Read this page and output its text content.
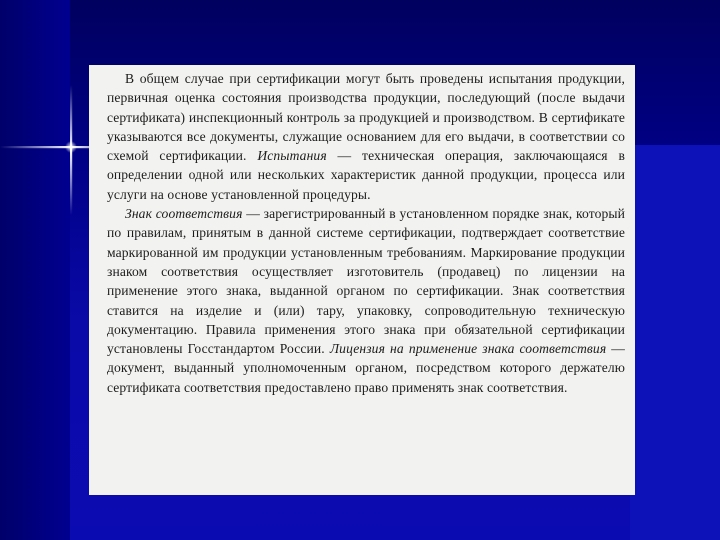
В общем случае при сертификации могут быть проведены испытания продукции, первичная оценка состояния производства продукции, последующий (после выдачи сертификата) инспекционный контроль за продукцией и производством. В сертификате указываются все документы, служащие основанием для его выдачи, в соответствии со схемой сертификации. Испытания — техническая операция, заключающаяся в определении одной или нескольких характеристик данной продукции, процесса или услуги на основе установленной процедуры.

Знак соответствия — зарегистрированный в установленном порядке знак, который по правилам, принятым в данной системе сертификации, подтверждает соответствие маркированной им продукции установленным требованиям. Маркирование продукции знаком соответствия осуществляет изготовитель (продавец) по лицензии на применение этого знака, выданной органом по сертификации. Знак соответствия ставится на изделие и (или) тару, упаковку, сопроводительную техническую документацию. Правила применения этого знака при обязательной сертификации установлены Госстандартом России. Лицензия на применение знака соответствия — документ, выданный уполномоченным органом, посредством которого держателю сертификата соответствия предоставлено право применять знак соответствия.
